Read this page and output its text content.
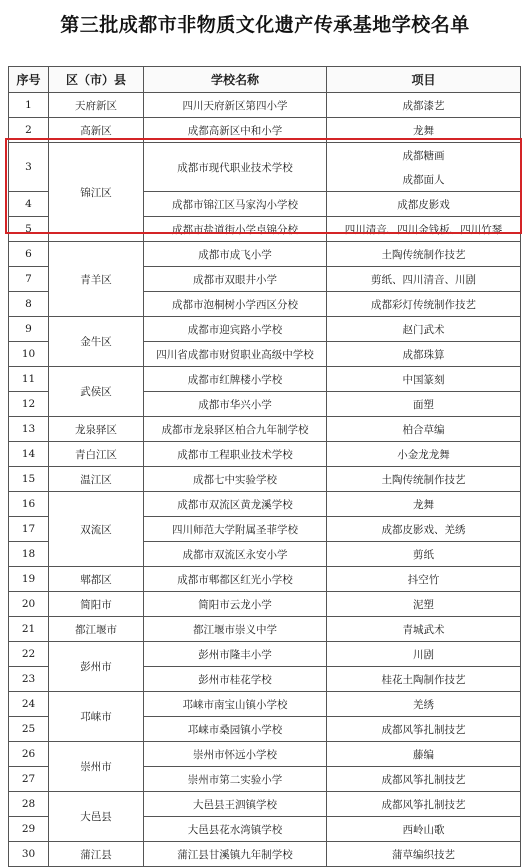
第三批成都市非物质文化遗产传承基地学校名单
序号	区（市）县	学校名称	项目
1	天府新区	四川天府新区第四小学	成都漆艺
2	高新区	成都高新区中和小学	龙舞
3	锦江区	成都市现代职业技术学校	成都糖画
成都面人

4		成都市锦江区马家沟小学校	成都皮影戏
5		成都市盐道街小学卓锦分校	四川清音、四川金钱板、四川竹琴
6	青羊区	成都市成飞小学	土陶传统制作技艺
7		成都市双眼井小学	剪纸、四川清音、川剧
8		成都市泡桐树小学西区分校	成都彩灯传统制作技艺
9	金牛区	成都市迎宾路小学校	赵门武术
10		四川省成都市财贸职业高级中学校	成都珠算
11	武侯区	成都市红牌楼小学校	中国篆刻
12		成都市华兴小学	面塑
13	龙泉驿区	成都市龙泉驿区柏合九年制学校	柏合草编
14	青白江区	成都市工程职业技术学校	小金龙龙舞
15	温江区	成都七中实验学校	土陶传统制作技艺
16	双流区	成都市双流区黄龙溪学校	龙舞
17		四川师范大学附属圣菲学校	成都皮影戏、羌绣
18		成都市双流区永安小学	剪纸
19	郫都区	成都市郫都区红光小学校	抖空竹
20	简阳市	简阳市云龙小学	泥塑
21	都江堰市	都江堰市崇义中学	青城武术
22	彭州市	彭州市隆丰小学	川剧
23		彭州市桂花学校	桂花土陶制作技艺
24	邛崃市	邛崃市南宝山镇小学校	羌绣
25		邛崃市桑园镇小学校	成都风筝扎制技艺
26	崇州市	崇州市怀远小学校	藤编
27		崇州市第二实验小学	成都风筝扎制技艺
28	大邑县	大邑县王泗镇学校	成都风筝扎制技艺
29		大邑县花水湾镇学校	西岭山歌
30	蒲江县	蒲江县甘溪镇九年制学校	蒲草编织技艺
